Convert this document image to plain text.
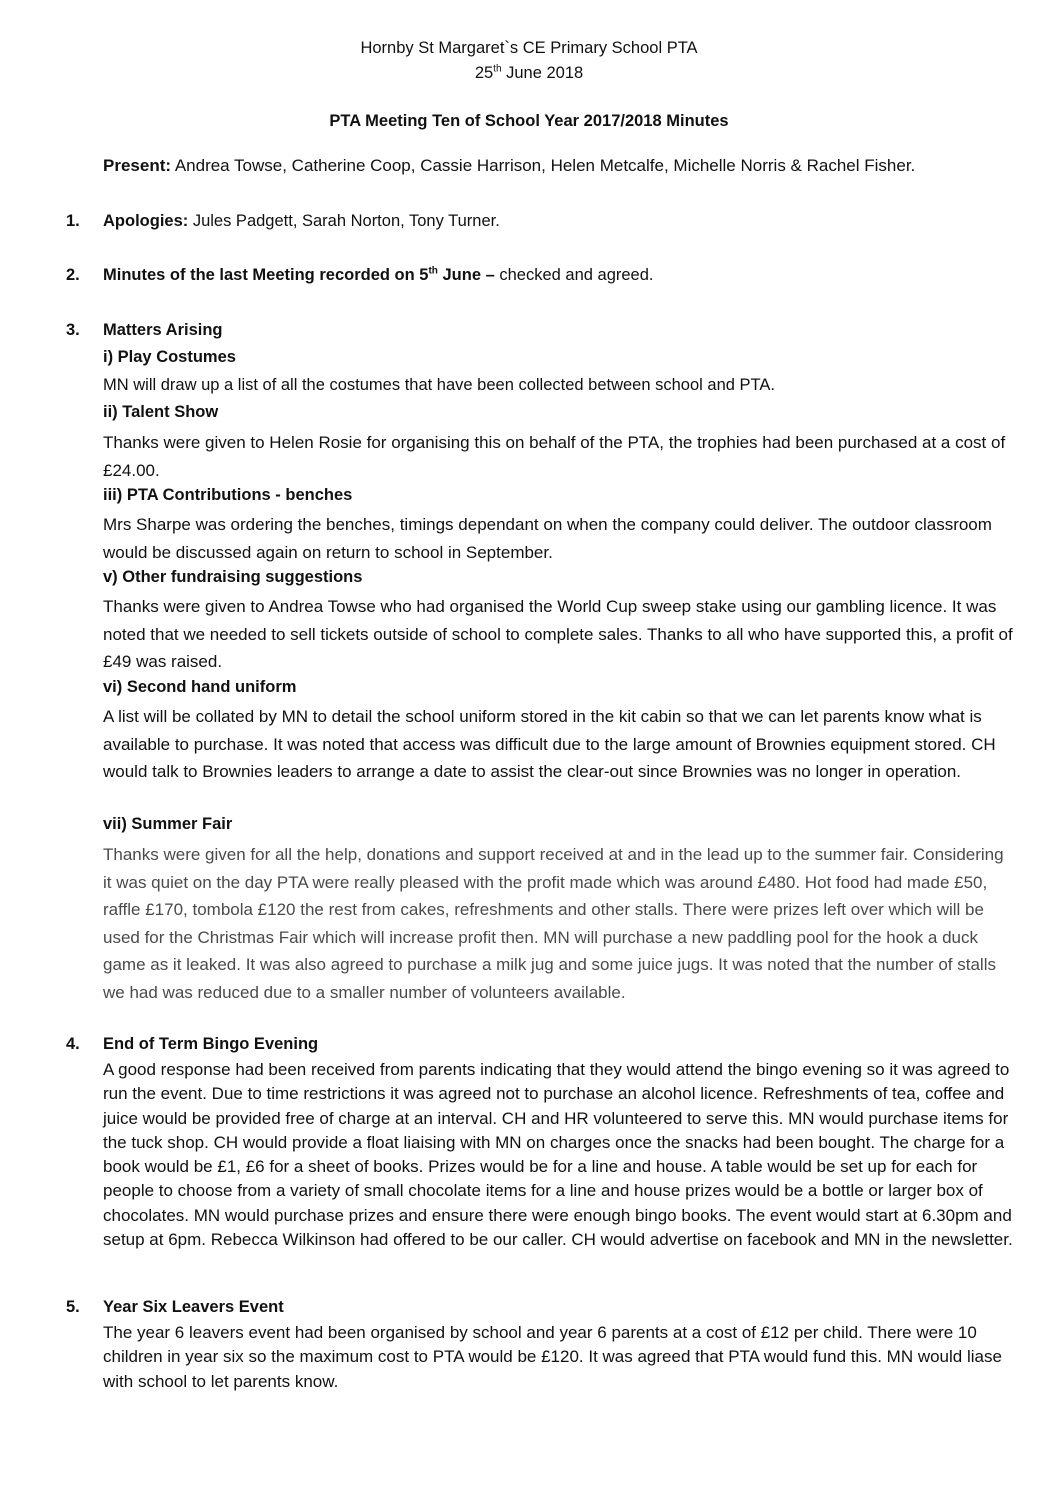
Hornby St Margaret`s CE Primary School PTA
25th June 2018
PTA Meeting Ten of School Year 2017/2018 Minutes
Present: Andrea Towse, Catherine Coop, Cassie Harrison, Helen Metcalfe, Michelle Norris & Rachel Fisher.
1. Apologies: Jules Padgett, Sarah Norton, Tony Turner.
2. Minutes of the last Meeting recorded on 5th June – checked and agreed.
3. Matters Arising
i) Play Costumes
MN will draw up a list of all the costumes that have been collected between school and PTA.
ii) Talent Show
Thanks were given to Helen Rosie for organising this on behalf of the PTA, the trophies had been purchased at a cost of £24.00.
iii) PTA Contributions - benches
Mrs Sharpe was ordering the benches, timings dependant on when the company could deliver. The outdoor classroom would be discussed again on return to school in September.
v) Other fundraising suggestions
Thanks were given to Andrea Towse who had organised the World Cup sweep stake using our gambling licence. It was noted that we needed to sell tickets outside of school to complete sales. Thanks to all who have supported this, a profit of £49 was raised.
vi) Second hand uniform
A list will be collated by MN to detail the school uniform stored in the kit cabin so that we can let parents know what is available to purchase. It was noted that access was difficult due to the large amount of Brownies equipment stored. CH would talk to Brownies leaders to arrange a date to assist the clear-out since Brownies was no longer in operation.
vii) Summer Fair
Thanks were given for all the help, donations and support received at and in the lead up to the summer fair. Considering it was quiet on the day PTA were really pleased with the profit made which was around £480. Hot food had made £50, raffle £170, tombola £120 the rest from cakes, refreshments and other stalls. There were prizes left over which will be used for the Christmas Fair which will increase profit then. MN will purchase a new paddling pool for the hook a duck game as it leaked. It was also agreed to purchase a milk jug and some juice jugs. It was noted that the number of stalls we had was reduced due to a smaller number of volunteers available.
4. End of Term Bingo Evening
A good response had been received from parents indicating that they would attend the bingo evening so it was agreed to run the event. Due to time restrictions it was agreed not to purchase an alcohol licence. Refreshments of tea, coffee and juice would be provided free of charge at an interval. CH and HR volunteered to serve this. MN would purchase items for the tuck shop. CH would provide a float liaising with MN on charges once the snacks had been bought. The charge for a book would be £1, £6 for a sheet of books. Prizes would be for a line and house. A table would be set up for each for people to choose from a variety of small chocolate items for a line and house prizes would be a bottle or larger box of chocolates. MN would purchase prizes and ensure there were enough bingo books. The event would start at 6.30pm and setup at 6pm. Rebecca Wilkinson had offered to be our caller. CH would advertise on facebook and MN in the newsletter.
5. Year Six Leavers Event
The year 6 leavers event had been organised by school and year 6 parents at a cost of £12 per child. There were 10 children in year six so the maximum cost to PTA would be £120. It was agreed that PTA would fund this. MN would liase with school to let parents know.
